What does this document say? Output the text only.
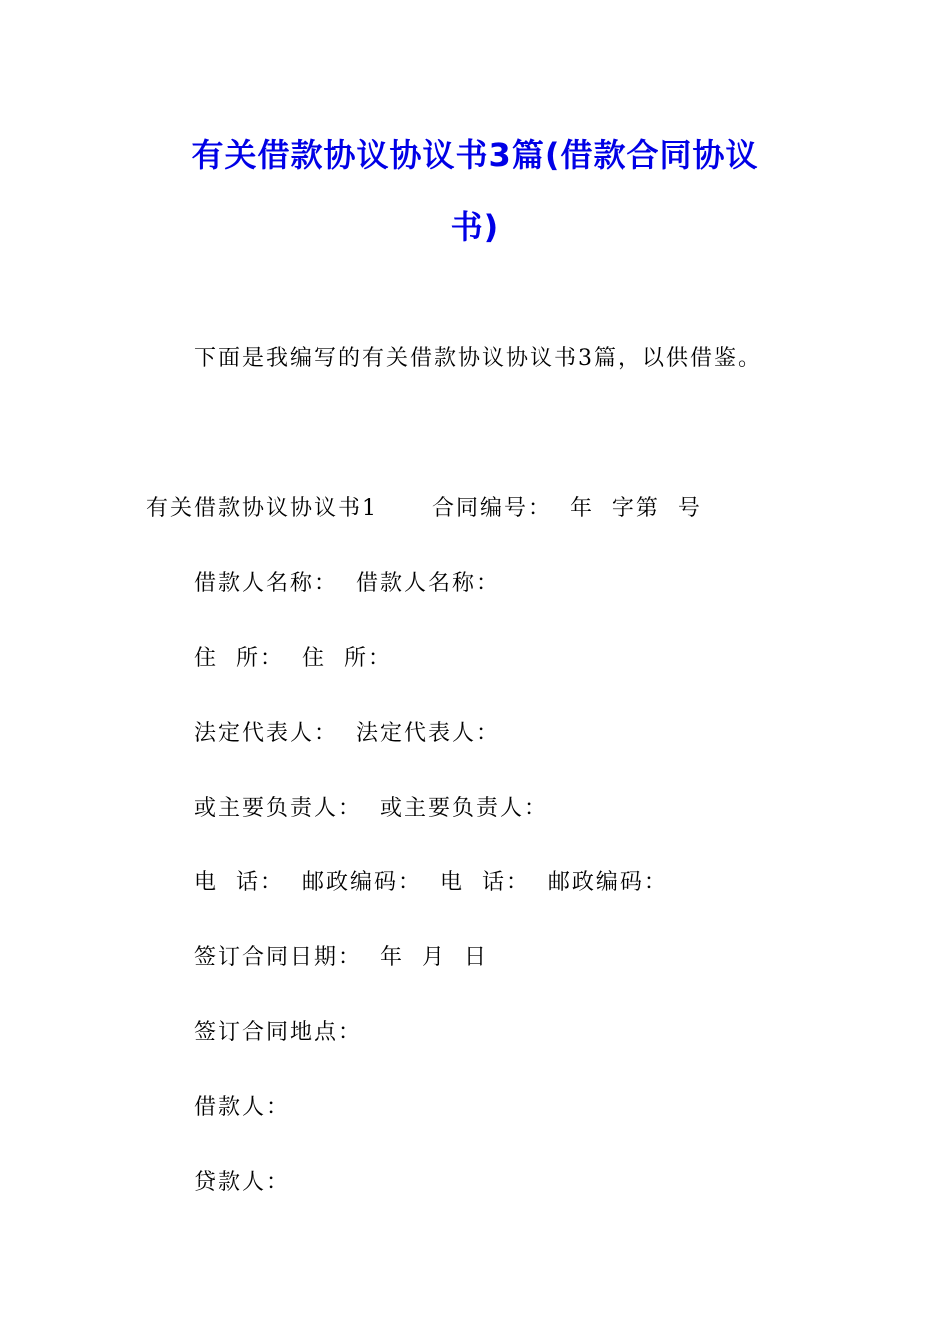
有关借款协议协议书3篇(借款合同协议
书)
下面是我编写的有关借款协议协议书3篇，以供借鉴。
有关借款协议协议书1      合同编号：  年  字第  号
借款人名称：  借款人名称：
住  所：  住  所：
法定代表人：  法定代表人：
或主要负责人：  或主要负责人：
电  话：  邮政编码：  电  话：  邮政编码：
签订合同日期：  年  月  日
签订合同地点：
借款人：
贷款人：
